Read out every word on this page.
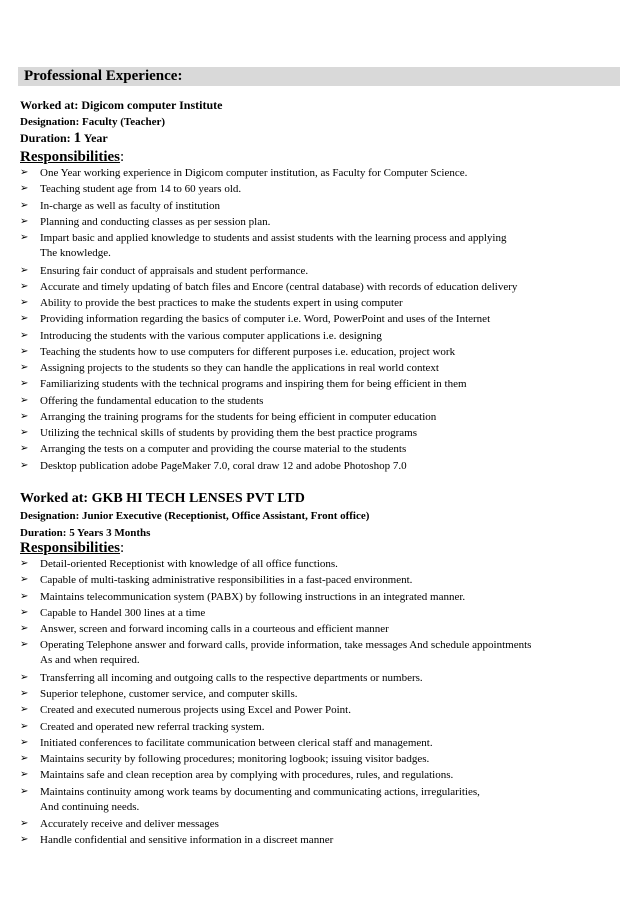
Professional Experience:
Worked at: Digicom computer Institute
Designation: Faculty (Teacher)
Duration: 1 Year
Responsibilities:
➢ One Year working experience in Digicom computer institution, as Faculty for Computer Science.
➢ Teaching student age from 14 to 60 years old.
➢ In-charge as well as faculty of institution
➢ Planning and conducting classes as per session plan.
➢ Impart basic and applied knowledge to students and assist students with the learning process and applying
The knowledge.
➢ Ensuring fair conduct of appraisals and student performance.
➢ Accurate and timely updating of batch files and Encore (central database) with records of education delivery
➢ Ability to provide the best practices to make the students expert in using computer
➢ Providing information regarding the basics of computer i.e. Word, PowerPoint and uses of the Internet
➢ Introducing the students with the various computer applications i.e. designing
➢ Teaching the students how to use computers for different purposes i.e. education, project work
➢ Assigning projects to the students so they can handle the applications in real world context
➢ Familiarizing students with the technical programs and inspiring them for being efficient in them
➢ Offering the fundamental education to the students
➢ Arranging the training programs for the students for being efficient in computer education
➢ Utilizing the technical skills of students by providing them the best practice programs
➢ Arranging the tests on a computer and providing the course material to the students
➢ Desktop publication adobe PageMaker 7.0, coral draw 12 and adobe Photoshop 7.0
Worked at: GKB HI TECH LENSES PVT LTD
Designation: Junior Executive (Receptionist, Office Assistant, Front office)
Duration: 5 Years 3 Months
Responsibilities:
➢ Detail-oriented Receptionist with knowledge of all office functions.
➢ Capable of multi-tasking administrative responsibilities in a fast-paced environment.
➢ Maintains telecommunication system (PABX) by following instructions in an integrated manner.
➢ Capable to Handel 300 lines at a time
➢ Answer, screen and forward incoming calls in a courteous and efficient manner
➢ Operating Telephone answer and forward calls, provide information, take messages And schedule appointments
As and when required.
➢ Transferring all incoming and outgoing calls to the respective departments or numbers.
➢ Superior telephone, customer service, and computer skills.
➢ Created and executed numerous projects using Excel and Power Point.
➢ Created and operated new referral tracking system.
➢ Initiated conferences to facilitate communication between clerical staff and management.
➢ Maintains security by following procedures; monitoring logbook; issuing visitor badges.
➢ Maintains safe and clean reception area by complying with procedures, rules, and regulations.
➢ Maintains continuity among work teams by documenting and communicating actions, irregularities,
And continuing needs.
➢ Accurately receive and deliver messages
➢ Handle confidential and sensitive information in a discreet manner
